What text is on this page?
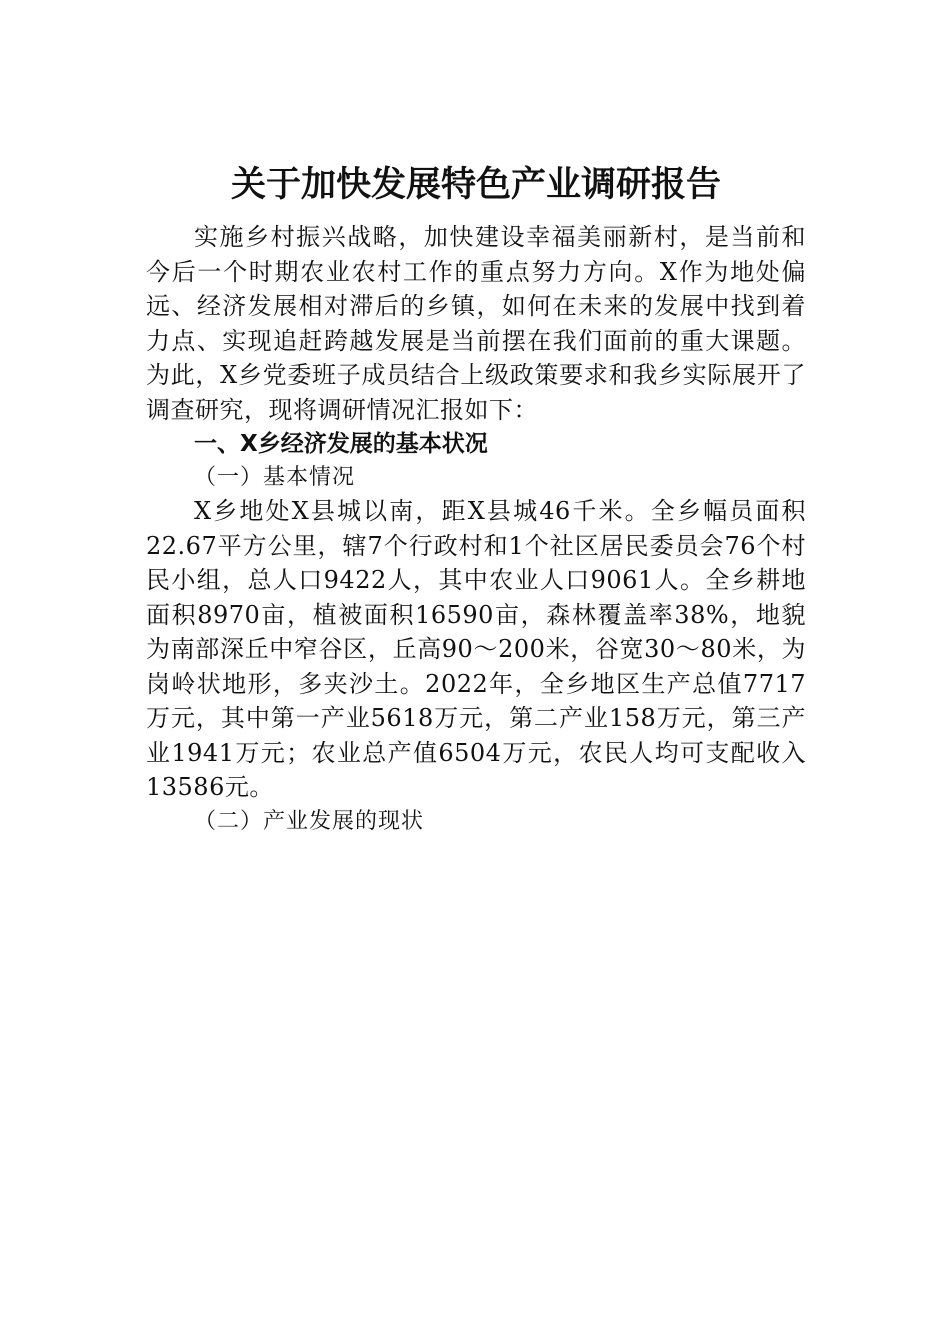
关于加快发展特色产业调研报告

实施乡村振兴战略，加快建设幸福美丽新村，是当前和今后一个时期农业农村工作的重点努力方向。X作为地处偏远、经济发展相对滞后的乡镇，如何在未来的发展中找到着力点、实现追赶跨越发展是当前摆在我们面前的重大课题。为此，X乡党委班子成员结合上级政策要求和我乡实际展开了调查研究，现将调研情况汇报如下：

一、X乡经济发展的基本状况

（一）基本情况

X乡地处X县城以南，距X县城46千米。全乡幅员面积22.67平方公里，辖7个行政村和1个社区居民委员会76个村民小组，总人口9422人，其中农业人口9061人。全乡耕地面积8970亩，植被面积16590亩，森林覆盖率38%，地貌为南部深丘中窄谷区，丘高90～200米，谷宽30～80米，为岗岭状地形，多夹沙土。2022年，全乡地区生产总值7717万元，其中第一产业5618万元，第二产业158万元，第三产业1941万元；农业总产值6504万元，农民人均可支配收入13586元。

（二）产业发展的现状
